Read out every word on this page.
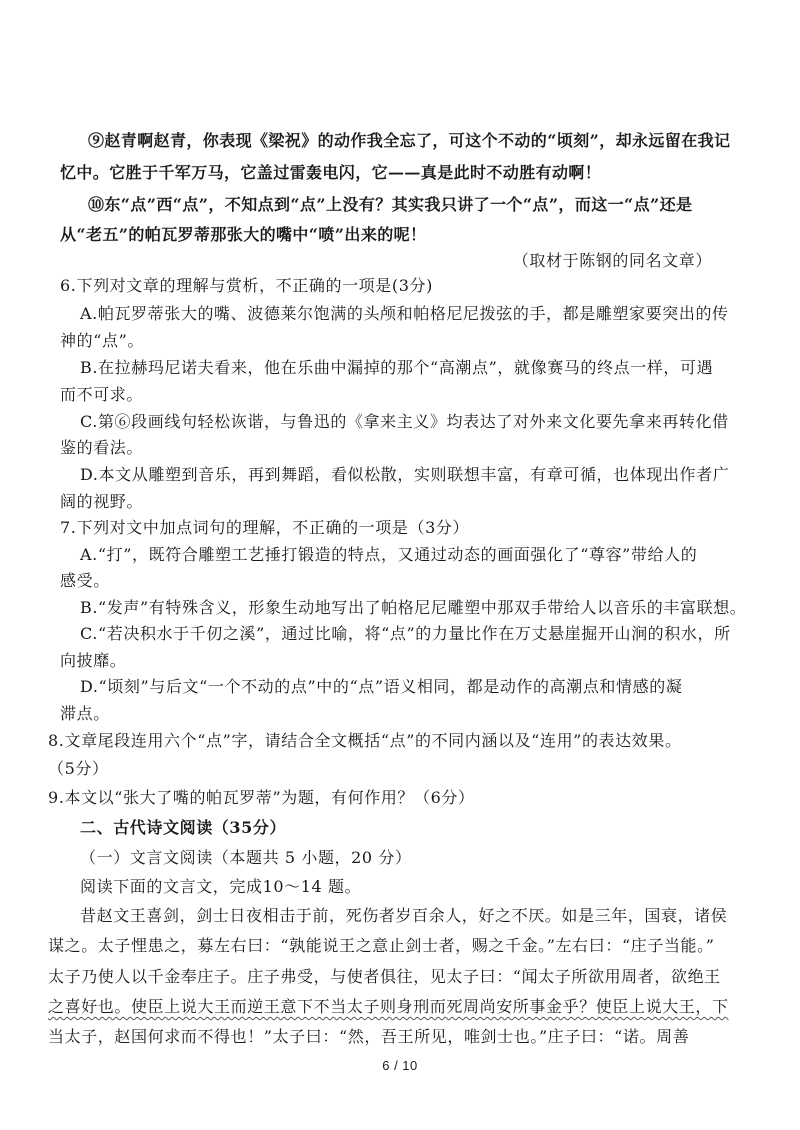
⑨赵青啊赵青，你表现《梁祝》的动作我全忘了，可这个不动的“顷刻”，却永远留在我记
忆中。它胜于千军万马，它盖过雷轰电闪，它——真是此时不动胜有动啊！
⑩东“点”西“点”，不知点到“点”上没有？其实我只讲了一个“点”，而这一“点”还是
从“老五”的帕瓦罗蒂那张大的嘴中“喷”出来的呢！
（取材于陈钢的同名文章）
6.下列对文章的理解与赏析，不正确的一项是(3分)
A.帕瓦罗蒂张大的嘴、波德莱尔饱满的头颅和帕格尼尼拨弦的手，都是雕塑家要突出的传
神的“点”。
B.在拉赫玛尼诺夫看来，他在乐曲中漏掉的那个“高潮点”，就像赛马的终点一样，可遇
而不可求。
C.第⑥段画线句轻松诙谐，与鲁迅的《拿来主义》均表达了对外来文化要先拿来再转化借
鉴的看法。
D.本文从雕塑到音乐，再到舞蹈，看似松散，实则联想丰富，有章可循，也体现出作者广
阔的视野。
7.下列对文中加点词句的理解，不正确的一项是（3分）
A.“打”，既符合雕塑工艺捶打锻造的特点，又通过动态的画面强化了“尊容”带给人的
感受。
B.“发声”有特殊含义，形象生动地写出了帕格尼尼雕塑中那双手带给人以音乐的丰富联想。
C.“若决积水于千仞之溪”，通过比喻，将“点”的力量比作在万丈悬崖掘开山涧的积水，所
向披靡。
D.“顷刻”与后文“一个不动的点”中的“点”语义相同，都是动作的高潮点和情感的凝
滞点。
8.文章尾段连用六个“点”字，请结合全文概括“点”的不同内涵以及“连用”的表达效果。
（5分）
9.本文以“张大了嘴的帕瓦罗蒂”为题，有何作用？（6分）
二、古代诗文阅读（35分）
（一）文言文阅读（本题共 5 小题，20 分）
阅读下面的文言文，完成10～14 题。
昔赵文王喜剑，剑士日夜相击于前，死伤者岁百余人，好之不厌。如是三年，国衰，诸侯
谋之。太子悝患之，募左右曰：“孰能说王之意止剑士者，赐之千金。”左右曰：“庄子当能。”
太子乃使人以千金奉庄子。庄子弗受，与使者俱往，见太子曰：“闻太子所欲用周者，欲绝王
之喜好也。使臣上说大王而逆王意下不当太子则身刑而死周尚安所事金乎？使臣上说大王，下
当太子，赵国何求而不得也！”太子曰：“然，吾王所见，唯剑士也。”庄子曰：“诺。周善
6 / 10
